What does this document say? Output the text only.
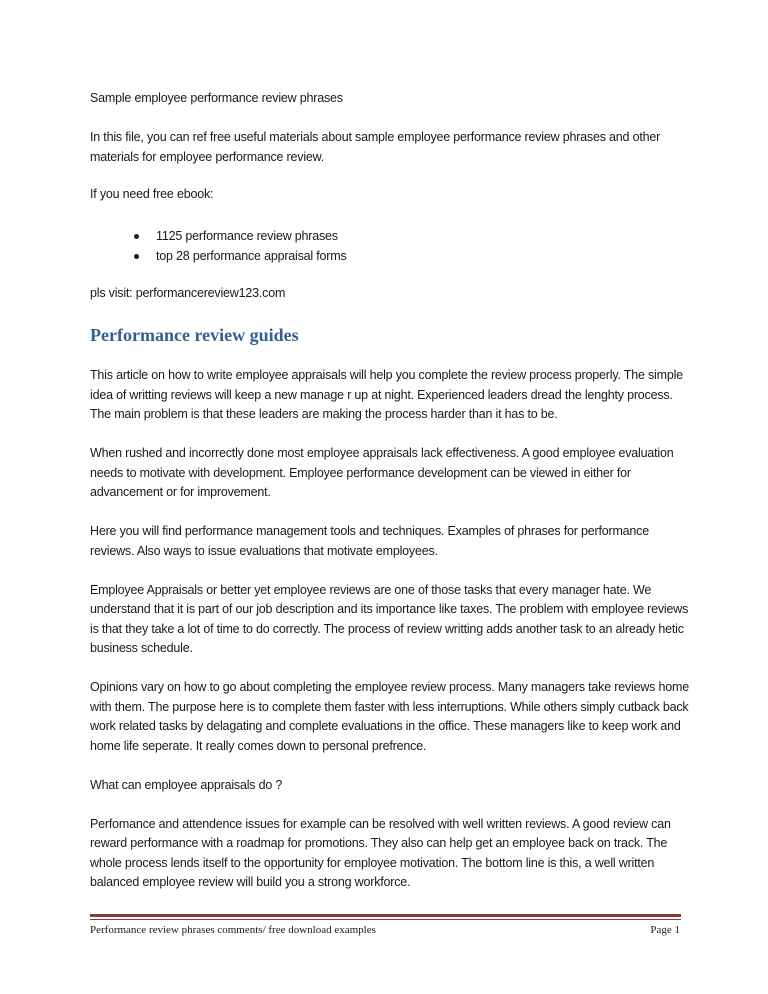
Sample employee performance review phrases
In this file, you can ref free useful materials about sample employee performance review phrases and other materials for employee performance review.
If you need free ebook:
1125 performance review phrases
top 28 performance appraisal forms
pls visit: performancereview123.com
Performance review guides

This article on how to write employee appraisals will help you complete the review process properly. The simple idea of writting reviews will keep a new manage r up at night. Experienced leaders dread the lenghty process. The main problem is that these leaders are making the process harder than it has to be.

When rushed and incorrectly done most employee appraisals lack effectiveness. A good employee evaluation needs to motivate with development. Employee performance development can be viewed in either for advancement or for improvement.

Here you will find performance management tools and techniques. Examples of phrases for performance reviews. Also ways to issue evaluations that motivate employees.

Employee Appraisals or better yet employee reviews are one of those tasks that every manager hate. We understand that it is part of our job description and its importance like taxes. The problem with employee reviews is that they take a lot of time to do correctly. The process of review writting adds another task to an already hetic business schedule.

Opinions vary on how to go about completing the employee review process. Many managers take reviews home with them. The purpose here is to complete them faster with less interruptions. While others simply cutback back work related tasks by delagating and complete evaluations in the office. These managers like to keep work and home life seperate. It really comes down to personal prefrence.

What can employee appraisals do ?

Perfomance and attendence issues for example can be resolved with well written reviews. A good review can reward performance with a roadmap for promotions. They also can help get an employee back on track. The whole process lends itself to the opportunity for employee motivation. The bottom line is this, a well written balanced employee review will build you a strong workforce.

Performance review phrases comments/ free download examples	Page 1
